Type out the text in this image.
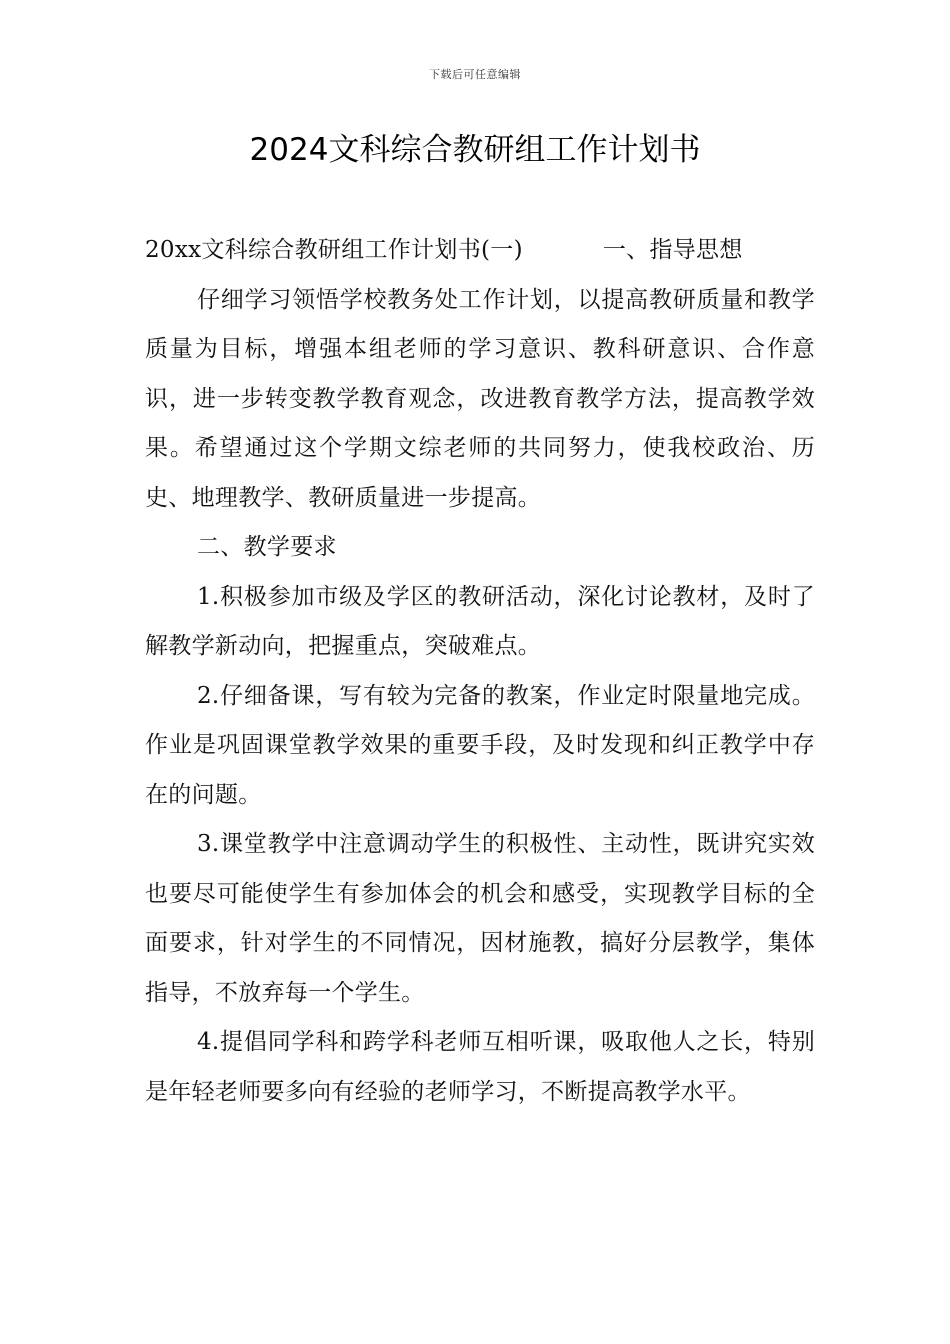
下载后可任意编辑
2024文科综合教研组工作计划书

20xx文科综合教研组工作计划书(一)	一、指导思想

仔细学习领悟学校教务处工作计划，以提高教研质量和教学质量为目标，增强本组老师的学习意识、教科研意识、合作意识，进一步转变教学教育观念，改进教育教学方法，提高教学效果。希望通过这个学期文综老师的共同努力，使我校政治、历史、地理教学、教研质量进一步提高。

二、教学要求

1.积极参加市级及学区的教研活动，深化讨论教材，及时了解教学新动向，把握重点，突破难点。

2.仔细备课，写有较为完备的教案，作业定时限量地完成。作业是巩固课堂教学效果的重要手段，及时发现和纠正教学中存在的问题。

3.课堂教学中注意调动学生的积极性、主动性，既讲究实效也要尽可能使学生有参加体会的机会和感受，实现教学目标的全面要求，针对学生的不同情况，因材施教，搞好分层教学，集体指导，不放弃每一个学生。

4.提倡同学科和跨学科老师互相听课，吸取他人之长，特别是年轻老师要多向有经验的老师学习，不断提高教学水平。
